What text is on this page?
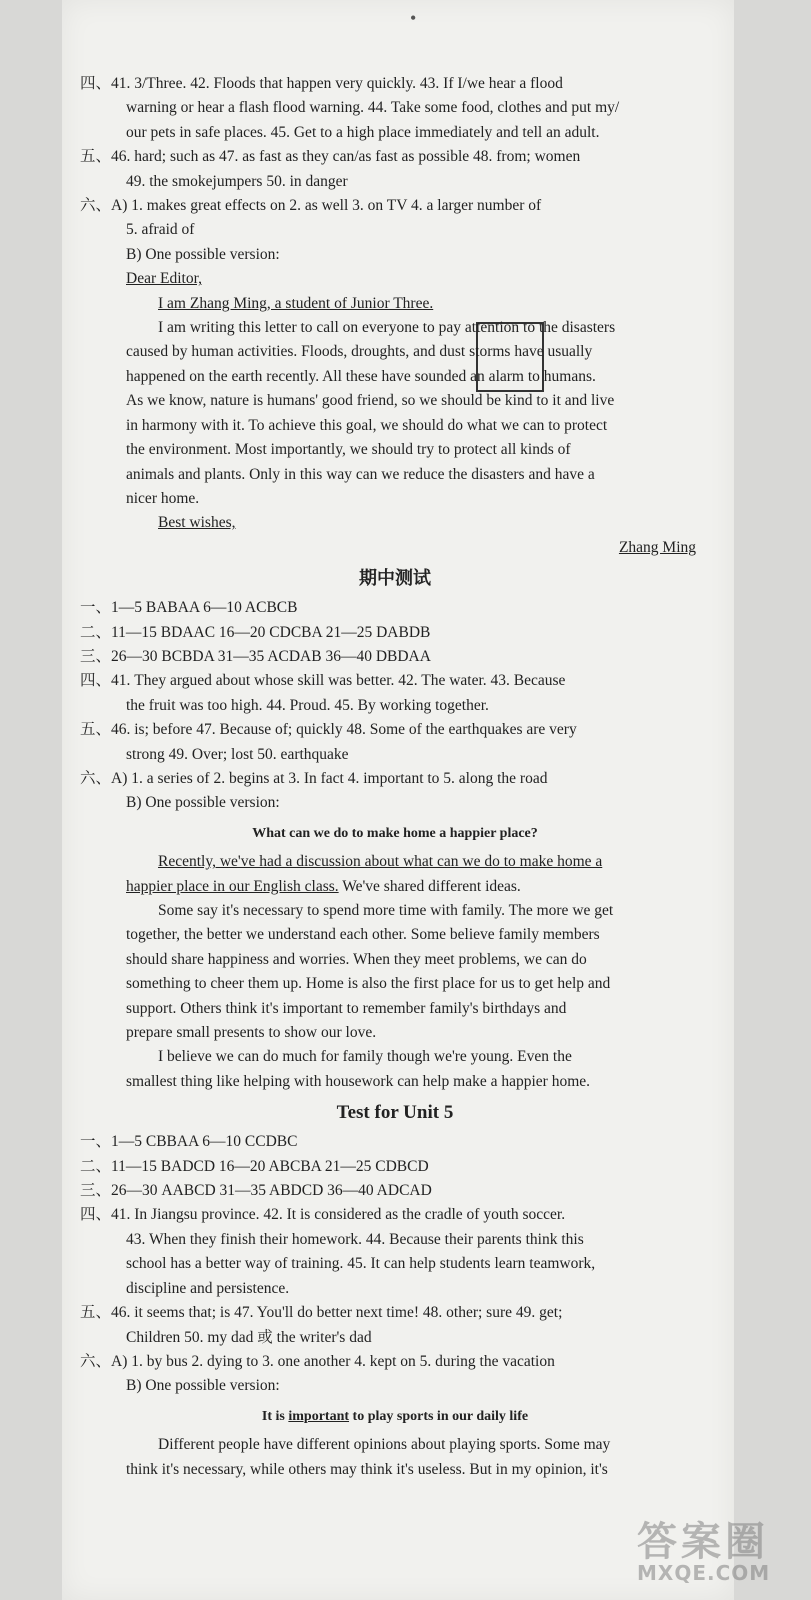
•
四、41. 3/Three. 42. Floods that happen very quickly. 43. If I/we hear a flood
warning or hear a flash flood warning. 44. Take some food, clothes and put my/
our pets in safe places. 45. Get to a high place immediately and tell an adult.
五、46. hard; such as 47. as fast as they can/as fast as possible 48. from; women
49. the smokejumpers 50. in danger
六、A) 1. makes great effects on 2. as well 3. on TV 4. a larger number of
5. afraid of
B) One possible version:
Dear Editor,
I am Zhang Ming, a student of Junior Three.
I am writing this letter to call on everyone to pay attention to the disasters
caused by human activities. Floods, droughts, and dust storms have usually
happened on the earth recently. All these have sounded an alarm to humans.
As we know, nature is humans' good friend, so we should be kind to it and live
in harmony with it. To achieve this goal, we should do what we can to protect
the environment. Most importantly, we should try to protect all kinds of
animals and plants. Only in this way can we reduce the disasters and have a
nicer home.
Best wishes,
Zhang Ming
期中测试
一、1—5 BABAA 6—10 ACBCB
二、11—15 BDAAC 16—20 CDCBA 21—25 DABDB
三、26—30 BCBDA 31—35 ACDAB 36—40 DBDAA
四、41. They argued about whose skill was better. 42. The water. 43. Because
the fruit was too high. 44. Proud. 45. By working together.
五、46. is; before 47. Because of; quickly 48. Some of the earthquakes are very
strong 49. Over; lost 50. earthquake
六、A) 1. a series of 2. begins at 3. In fact 4. important to 5. along the road
B) One possible version:
What can we do to make home a happier place?
Recently, we've had a discussion about what can we do to make home a
happier place in our English class. We've shared different ideas.
Some say it's necessary to spend more time with family. The more we get
together, the better we understand each other. Some believe family members
should share happiness and worries. When they meet problems, we can do
something to cheer them up. Home is also the first place for us to get help and
support. Others think it's important to remember family's birthdays and
prepare small presents to show our love.
I believe we can do much for family though we're young. Even the
smallest thing like helping with housework can help make a happier home.
Test for Unit 5
一、1—5 CBBAA 6—10 CCDBC
二、11—15 BADCD 16—20 ABCBA 21—25 CDBCD
三、26—30 AABCD 31—35 ABDCD 36—40 ADCAD
四、41. In Jiangsu province. 42. It is considered as the cradle of youth soccer.
43. When they finish their homework. 44. Because their parents think this
school has a better way of training. 45. It can help students learn teamwork,
discipline and persistence.
五、46. it seems that; is 47. You'll do better next time! 48. other; sure 49. get;
Children 50. my dad 或 the writer's dad
六、A) 1. by bus 2. dying to 3. one another 4. kept on 5. during the vacation
B) One possible version:
It is important to play sports in our daily life
Different people have different opinions about playing sports. Some may
think it's necessary, while others may think it's useless. But in my opinion, it's
答案圈
MXQE.COM
